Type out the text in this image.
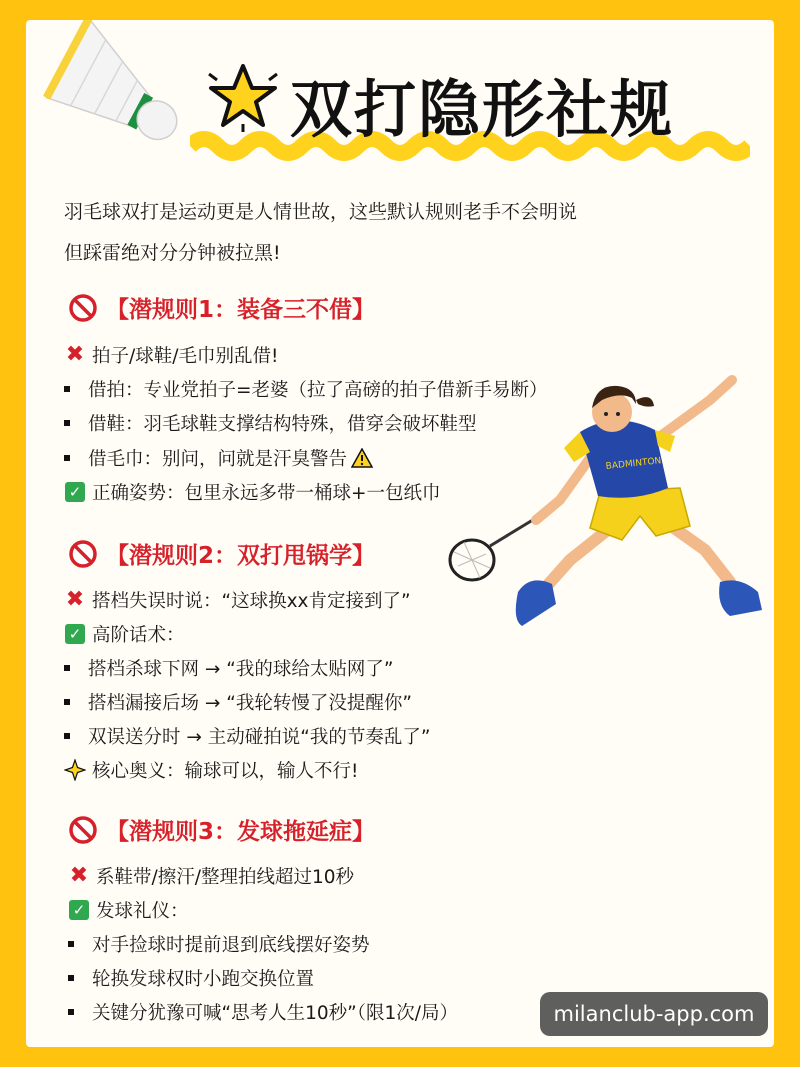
双打隐形社规
羽毛球双打是运动更是人情世故，这些默认规则老手不会明说
但踩雷绝对分分钟被拉黑!
【潜规则1：装备三不借】
✖ 拍子/球鞋/毛巾别乱借!
借拍：专业党拍子=老婆（拉了高磅的拍子借新手易断）
借鞋：羽毛球鞋支撑结构特殊，借穿会破坏鞋型
借毛巾：别问，问就是汗臭警告
✓ 正确姿势：包里永远多带一桶球+一包纸巾
【潜规则2：双打甩锅学】
✖ 搭档失误时说：“这球换xx肯定接到了”
✓ 高阶话术：
搭档杀球下网 → “我的球给太贴网了”
搭档漏接后场 → “我轮转慢了没提醒你”
双误送分时 → 主动碰拍说“我的节奏乱了”
核心奥义：输球可以，输人不行!
【潜规则3：发球拖延症】
✖ 系鞋带/擦汗/整理拍线超过10秒
✓ 发球礼仪：
对手捡球时提前退到底线摆好姿势
轮换发球权时小跑交换位置
关键分犹豫可喊“思考人生10秒”（限1次/局）
BADMINTON
milanclub-app.com
